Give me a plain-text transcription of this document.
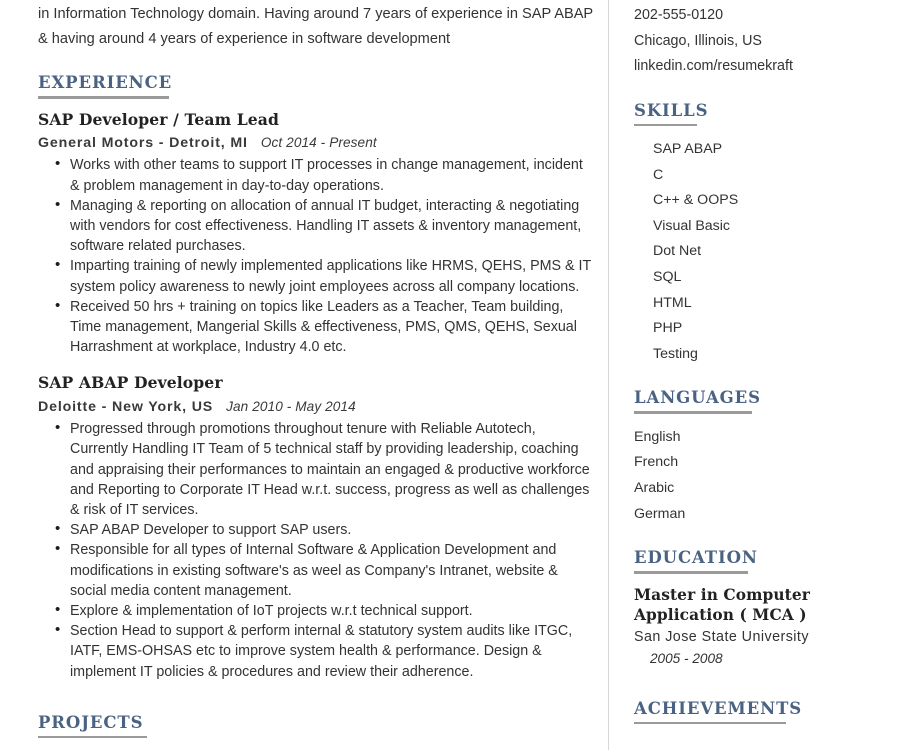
in Information Technology domain. Having around 7 years of experience in SAP ABAP & having around 4 years of experience in software development

EXPERIENCE
SAP Developer / Team Lead
General Motors - Detroit, MI Oct 2014 - Present
• Works with other teams to support IT processes in change management, incident & problem management in day-to-day operations.
• Managing & reporting on allocation of annual IT budget, interacting & negotiating with vendors for cost effectiveness. Handling IT assets & inventory management, software related purchases.
• Imparting training of newly implemented applications like HRMS, QEHS, PMS & IT system policy awareness to newly joint employees across all company locations.
• Received 50 hrs + training on topics like Leaders as a Teacher, Team building, Time management, Mangerial Skills & effectiveness, PMS, QMS, QEHS, Sexual Harrashment at workplace, Industry 4.0 etc.
SAP ABAP Developer
Deloitte - New York, US Jan 2010 - May 2014
• Progressed through promotions throughout tenure with Reliable Autotech, Currently Handling IT Team of 5 technical staff by providing leadership, coaching and appraising their performances to maintain an engaged & productive workforce and Reporting to Corporate IT Head w.r.t. success, progress as well as challenges & risk of IT services.
• SAP ABAP Developer to support SAP users.
• Responsible for all types of Internal Software & Application Development and modifications in existing software's as weel as Company's Intranet, website & social media content management.
• Explore & implementation of IoT projects w.r.t technical support.
• Section Head to support & perform internal & statutory system audits like ITGC, IATF, EMS-OHSAS etc to improve system health & performance. Design & implement IT policies & procedures and review their adherence.
PROJECTS
202-555-0120
Chicago, Illinois, US
linkedin.com/resumekraft
SKILLS
SAP ABAP
C
C++ & OOPS
Visual Basic
Dot Net
SQL
HTML
PHP
Testing
LANGUAGES
English
French
Arabic
German
EDUCATION
Master in Computer Application ( MCA )
San Jose State University
2005 - 2008
ACHIEVEMENTS
